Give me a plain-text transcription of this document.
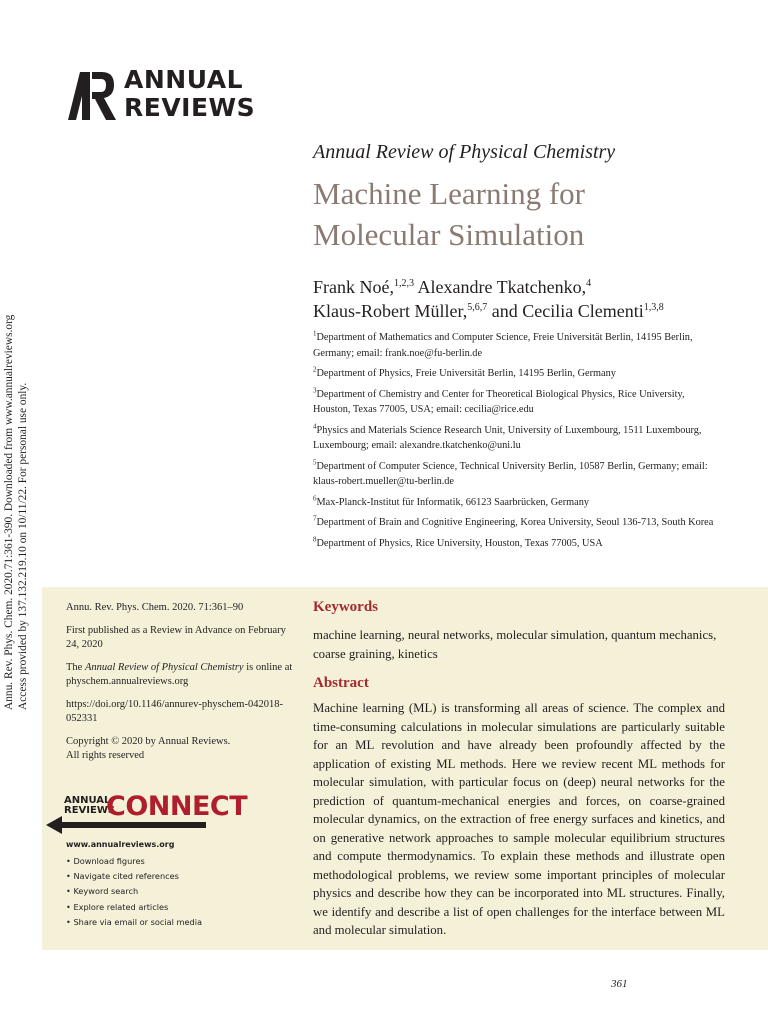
ANNUAL
REVIEWS
Annual Review of Physical Chemistry
Machine Learning for
Molecular Simulation
Frank Noé,$^{1,2,3}$ Alexandre Tkatchenko,$^4$
Klaus-Robert Müller,$^{5,6,7}$ and Cecilia Clementi$^{1,3,8}$

$^1$Department of Mathematics and Computer Science, Freie Universität Berlin, 14195 Berlin, Germany; email: frank.noe@fu-berlin.de

$^2$Department of Physics, Freie Universität Berlin, 14195 Berlin, Germany

$^3$Department of Chemistry and Center for Theoretical Biological Physics, Rice University, Houston, Texas 77005, USA; email: cecilia@rice.edu

$^4$Physics and Materials Science Research Unit, University of Luxembourg, 1511 Luxembourg, Luxembourg; email: alexandre.tkatchenko@uni.lu

$^5$Department of Computer Science, Technical University Berlin, 10587 Berlin, Germany; email: klaus-robert.mueller@tu-berlin.de

$^6$Max-Planck-Institut für Informatik, 66123 Saarbrücken, Germany

$^7$Department of Brain and Cognitive Engineering, Korea University, Seoul 136-713, South Korea

$^8$Department of Physics, Rice University, Houston, Texas 77005, USA

Annu. Rev. Phys. Chem. 2020.71:361-390. Downloaded from www.annualreviews.org Access provided by 137.132.219.10 on 10/11/22. For personal use only.	Annu. Rev. Phys. Chem. 2020. 71:361–90

First published as a Review in Advance on February 24, 2020

The Annual Review of Physical Chemistry is online at physchem.annualreviews.org

https://doi.org/10.1146/annurev-physchem-042018-052331

Copyright © 2020 by Annual Reviews.
All rights reserved

ANNUAL
REVIEWS
CONNECT
www.annualreviews.org
• Download figures
• Navigate cited references
• Keyword search
• Explore related articles
• Share via email or social media
Keywords
machine learning, neural networks, molecular simulation, quantum mechanics, coarse graining, kinetics
Abstract
Machine learning (ML) is transforming all areas of science. The complex and time-consuming calculations in molecular simulations are particularly suitable for an ML revolution and have already been profoundly affected by the application of existing ML methods. Here we review recent ML methods for molecular simulation, with particular focus on (deep) neural networks for the prediction of quantum-mechanical energies and forces, on coarse-grained molecular dynamics, on the extraction of free energy surfaces and kinetics, and on generative network approaches to sample molecular equilibrium structures and compute thermodynamics. To explain these methods and illustrate open methodological problems, we review some important principles of molecular physics and describe how they can be incorporated into ML structures. Finally, we identify and describe a list of open challenges for the interface between ML and molecular simulation.
361
